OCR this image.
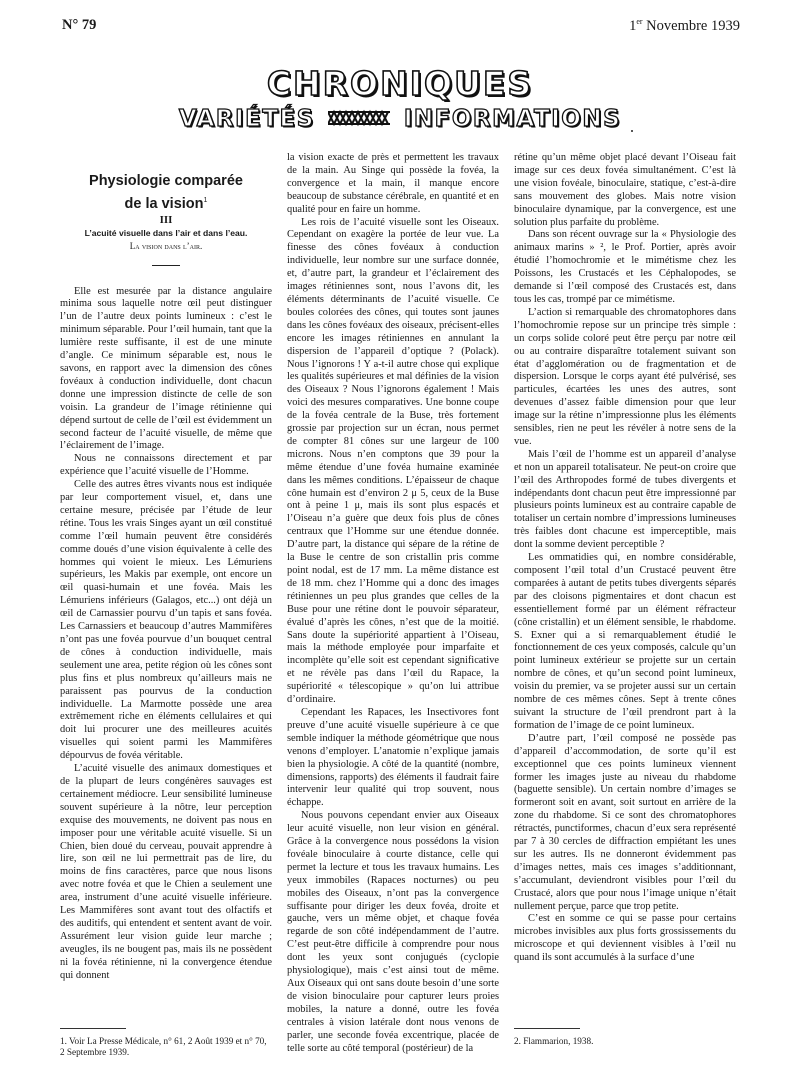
N° 79	1er Novembre 1939
CHRONIQUES
VARIÉTÉS	INFORMATIONS

Physiologie comparée
de la vision$^1$

III

L’acuité visuelle dans l’air et dans l’eau.

La vision dans l’air.

Elle est mesurée par la distance angulaire minima sous laquelle notre œil peut distinguer l’un de l’autre deux points lumineux : c’est le minimum séparable. Pour l’œil humain, tant que la lumière reste suffisante, il est de une minute d’angle. Ce minimum séparable est, nous le savons, en rapport avec la dimension des cônes fovéaux à conduction individuelle, dont chacun donne une impression distincte de celle de son voisin. La grandeur de l’image rétinienne qui dépend surtout de celle de l’œil est évidemment un second facteur de l’acuité visuelle, de même que l’éclairement de l’image.

Nous ne connaissons directement et par expérience que l’acuité visuelle de l’Homme.

Celle des autres êtres vivants nous est indiquée par leur comportement visuel, et, dans une certaine mesure, précisée par l’étude de leur rétine. Tous les vrais Singes ayant un œil constitué comme l’œil humain peuvent être considérés comme doués d’une vision équivalente à celle des hommes qui voient le mieux. Les Lémuriens supérieurs, les Makis par exemple, ont encore un œil quasi-humain et une fovéa. Mais les Lémuriens inférieurs (Galagos, etc...) ont déjà un œil de Carnassier pourvu d’un tapis et sans fovéa. Les Carnassiers et beaucoup d’autres Mammifères n’ont pas une fovéa pourvue d’un bouquet central de cônes à conduction individuelle, mais seulement une area, petite région où les cônes sont plus fins et plus nombreux qu’ailleurs mais ne paraissent pas pourvus de la conduction individuelle. La Marmotte possède une area extrêmement riche en éléments cellulaires et qui doit lui procurer une des meilleures acuités visuelles qui soient parmi les Mammifères dépourvus de fovéa véritable.

L’acuité visuelle des animaux domestiques et de la plupart de leurs congénères sauvages est certainement médiocre. Leur sensibilité lumineuse souvent supérieure à la nôtre, leur perception exquise des mouvements, ne doivent pas nous en imposer pour une véritable acuité visuelle. Si un Chien, bien doué du cerveau, pouvait apprendre à lire, son œil ne lui permettrait pas de lire, du moins de fins caractères, parce que nous lisons avec notre fovéa et que le Chien a seulement une area, instrument d’une acuité visuelle inférieure. Les Mammifères sont avant tout des olfactifs et des auditifs, qui entendent et sentent avant de voir. Assurément leur vision guide leur marche ; aveugles, ils ne bougent pas, mais ils ne possèdent ni la fovéa rétinienne, ni la convergence étendue qui donnent

la vision exacte de près et permettent les travaux de la main. Au Singe qui possède la fovéa, la convergence et la main, il manque encore beaucoup de substance cérébrale, en quantité et en qualité pour en faire un homme.

Les rois de l’acuité visuelle sont les Oiseaux. Cependant on exagère la portée de leur vue. La finesse des cônes fovéaux à conduction individuelle, leur nombre sur une surface donnée, et, d’autre part, la grandeur et l’éclairement des images rétiniennes sont, nous l’avons dit, les éléments déterminants de l’acuité visuelle. Ce boules colorées des cônes, qui toutes sont jaunes dans les cônes fovéaux des oiseaux, précisent-elles encore les images rétiniennes en annulant la dispersion de l’appareil d’optique ? (Polack). Nous l’ignorons ! Y a-t-il autre chose qui explique les qualités supérieures et mal définies de la vision des Oiseaux ? Nous l’ignorons également ! Mais voici des mesures comparatives. Une bonne coupe de la fovéa centrale de la Buse, très fortement grossie par projection sur un écran, nous permet de compter 81 cônes sur une largeur de 100 microns. Nous n’en comptons que 39 pour la même étendue d’une fovéa humaine examinée dans les mêmes conditions. L’épaisseur de chaque cône humain est d’environ 2 μ 5, ceux de la Buse ont à peine 1 μ, mais ils sont plus espacés et l’Oiseau n’a guère que deux fois plus de cônes centraux que l’Homme sur une étendue donnée. D’autre part, la distance qui sépare de la rétine de la Buse le centre de son cristallin pris comme point nodal, est de 17 mm. La même distance est de 18 mm. chez l’Homme qui a donc des images rétiniennes un peu plus grandes que celles de la Buse pour une rétine dont le pouvoir séparateur, évalué d’après les cônes, n’est que de la moitié. Sans doute la supériorité appartient à l’Oiseau, mais la méthode employée pour imparfaite et incomplète qu’elle soit est cependant significative et ne révèle pas dans l’œil du Rapace, la supériorité « télescopique » qu’on lui attribue d’ordinaire.

Cependant les Rapaces, les Insectivores font preuve d’une acuité visuelle supérieure à ce que semble indiquer la méthode géométrique que nous venons d’employer. L’anatomie n’explique jamais bien la physiologie. A côté de la quantité (nombre, dimensions, rapports) des éléments il faudrait faire intervenir leur qualité qui trop souvent, nous échappe.

Nous pouvons cependant envier aux Oiseaux leur acuité visuelle, non leur vision en général. Grâce à la convergence nous possédons la vision fovéale binoculaire à courte distance, celle qui permet la lecture et tous les travaux humains. Les yeux immobiles (Rapaces nocturnes) ou peu mobiles des Oiseaux, n’ont pas la convergence suffisante pour diriger les deux fovéa, droite et gauche, vers un même objet, et chaque fovéa regarde de son côté indépendamment de l’autre. C’est peut-être difficile à comprendre pour nous dont les yeux sont conjugués (cyclopie physiologique), mais c’est ainsi tout de même. Aux Oiseaux qui ont sans doute besoin d’une sorte de vision binoculaire pour capturer leurs proies mobiles, la nature a donné, outre les fovéa centrales à vision latérale dont nous venons de parler, une seconde fovéa excentrique, placée de telle sorte au côté temporal (postérieur) de la

rétine qu’un même objet placé devant l’Oiseau fait image sur ces deux fovéa simultanément. C’est là une vision fovéale, binoculaire, statique, c’est-à-dire sans mouvement des globes. Mais notre vision binoculaire dynamique, par la convergence, est une solution plus parfaite du problème.

Dans son récent ouvrage sur la « Physiologie des animaux marins » ², le Prof. Portier, après avoir étudié l’homochromie et le mimétisme chez les Poissons, les Crustacés et les Céphalopodes, se demande si l’œil composé des Crustacés est, dans tous les cas, trompé par ce mimétisme.

L’action si remarquable des chromatophores dans l’homochromie repose sur un principe très simple : un corps solide coloré peut être perçu par notre œil ou au contraire disparaître totalement suivant son état d’agglomération ou de fragmentation et de dispersion. Lorsque le corps ayant été pulvérisé, ses particules, écartées les unes des autres, sont devenues d’assez faible dimension pour que leur image sur la rétine n’impressionne plus les éléments sensibles, rien ne peut les révéler à notre sens de la vue.

Mais l’œil de l’homme est un appareil d’analyse et non un appareil totalisateur. Ne peut-on croire que l’œil des Arthropodes formé de tubes divergents et indépendants dont chacun peut être impressionné par plusieurs points lumineux est au contraire capable de totaliser un certain nombre d’impressions lumineuses très faibles dont chacune est imperceptible, mais dont la somme devient perceptible ?

Les ommatidies qui, en nombre considérable, composent l’œil total d’un Crustacé peuvent être comparées à autant de petits tubes divergents séparés par des cloisons pigmentaires et dont chacun est essentiellement formé par un élément réfracteur (cône cristallin) et un élément sensible, le rhabdome. S. Exner qui a si remarquablement étudié le fonctionnement de ces yeux composés, calcule qu’un point lumineux extérieur se projette sur un certain nombre de cônes, et qu’un second point lumineux, voisin du premier, va se projeter aussi sur un certain nombre de ces mêmes cônes. Sept à trente cônes suivant la structure de l’œil prendront part à la formation de l’image de ce point lumineux.

D’autre part, l’œil composé ne possède pas d’appareil d’accommodation, de sorte qu’il est exceptionnel que ces points lumineux viennent former les images juste au niveau du rhabdome (baguette sensible). Un certain nombre d’images se formeront soit en avant, soit surtout en arrière de la zone du rhabdome. Si ce sont des chromatophores rétractés, punctiformes, chacun d’eux sera représenté par 7 à 30 cercles de diffraction empiétant les unes sur les autres. Ils ne donneront évidemment pas d’images nettes, mais ces images s’additionnant, s’accumulant, deviendront visibles pour l’œil du Crustacé, alors que pour nous l’image unique n’était nullement perçue, parce que trop petite.

C’est en somme ce qui se passe pour certains microbes invisibles aux plus forts grossissements du microscope et qui deviennent visibles à l’œil nu quand ils sont accumulés à la surface d’une

1. Voir La Presse Médicale, n° 61, 2 Août 1939 et n° 70, 2 Septembre 1939.
2. Flammarion, 1938.
